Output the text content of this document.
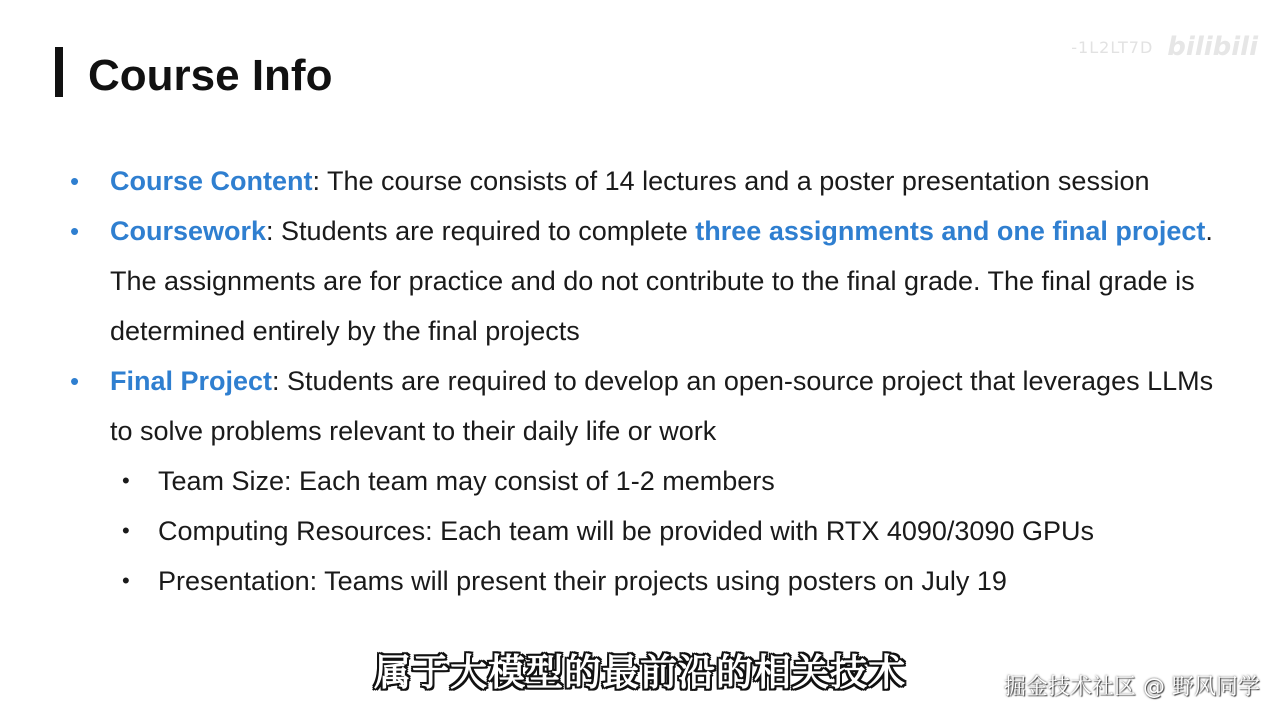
Course Info
-1L2LT7D bilibili
•	Course Content: The course consists of 14 lectures and a poster presentation session
•	Coursework: Students are required to complete three assignments and one final project. The assignments are for practice and do not contribute to the final grade. The final grade is determined entirely by the final projects
•	Final Project: Students are required to develop an open-source project that leverages LLMs to solve problems relevant to their daily life or work
•	Team Size: Each team may consist of 1-2 members
•	Computing Resources: Each team will be provided with RTX 4090/3090 GPUs
•	Presentation: Teams will present their projects using posters on July 19
属于大模型的最前沿的相关技术	掘金技术社区 @ 野风同学
